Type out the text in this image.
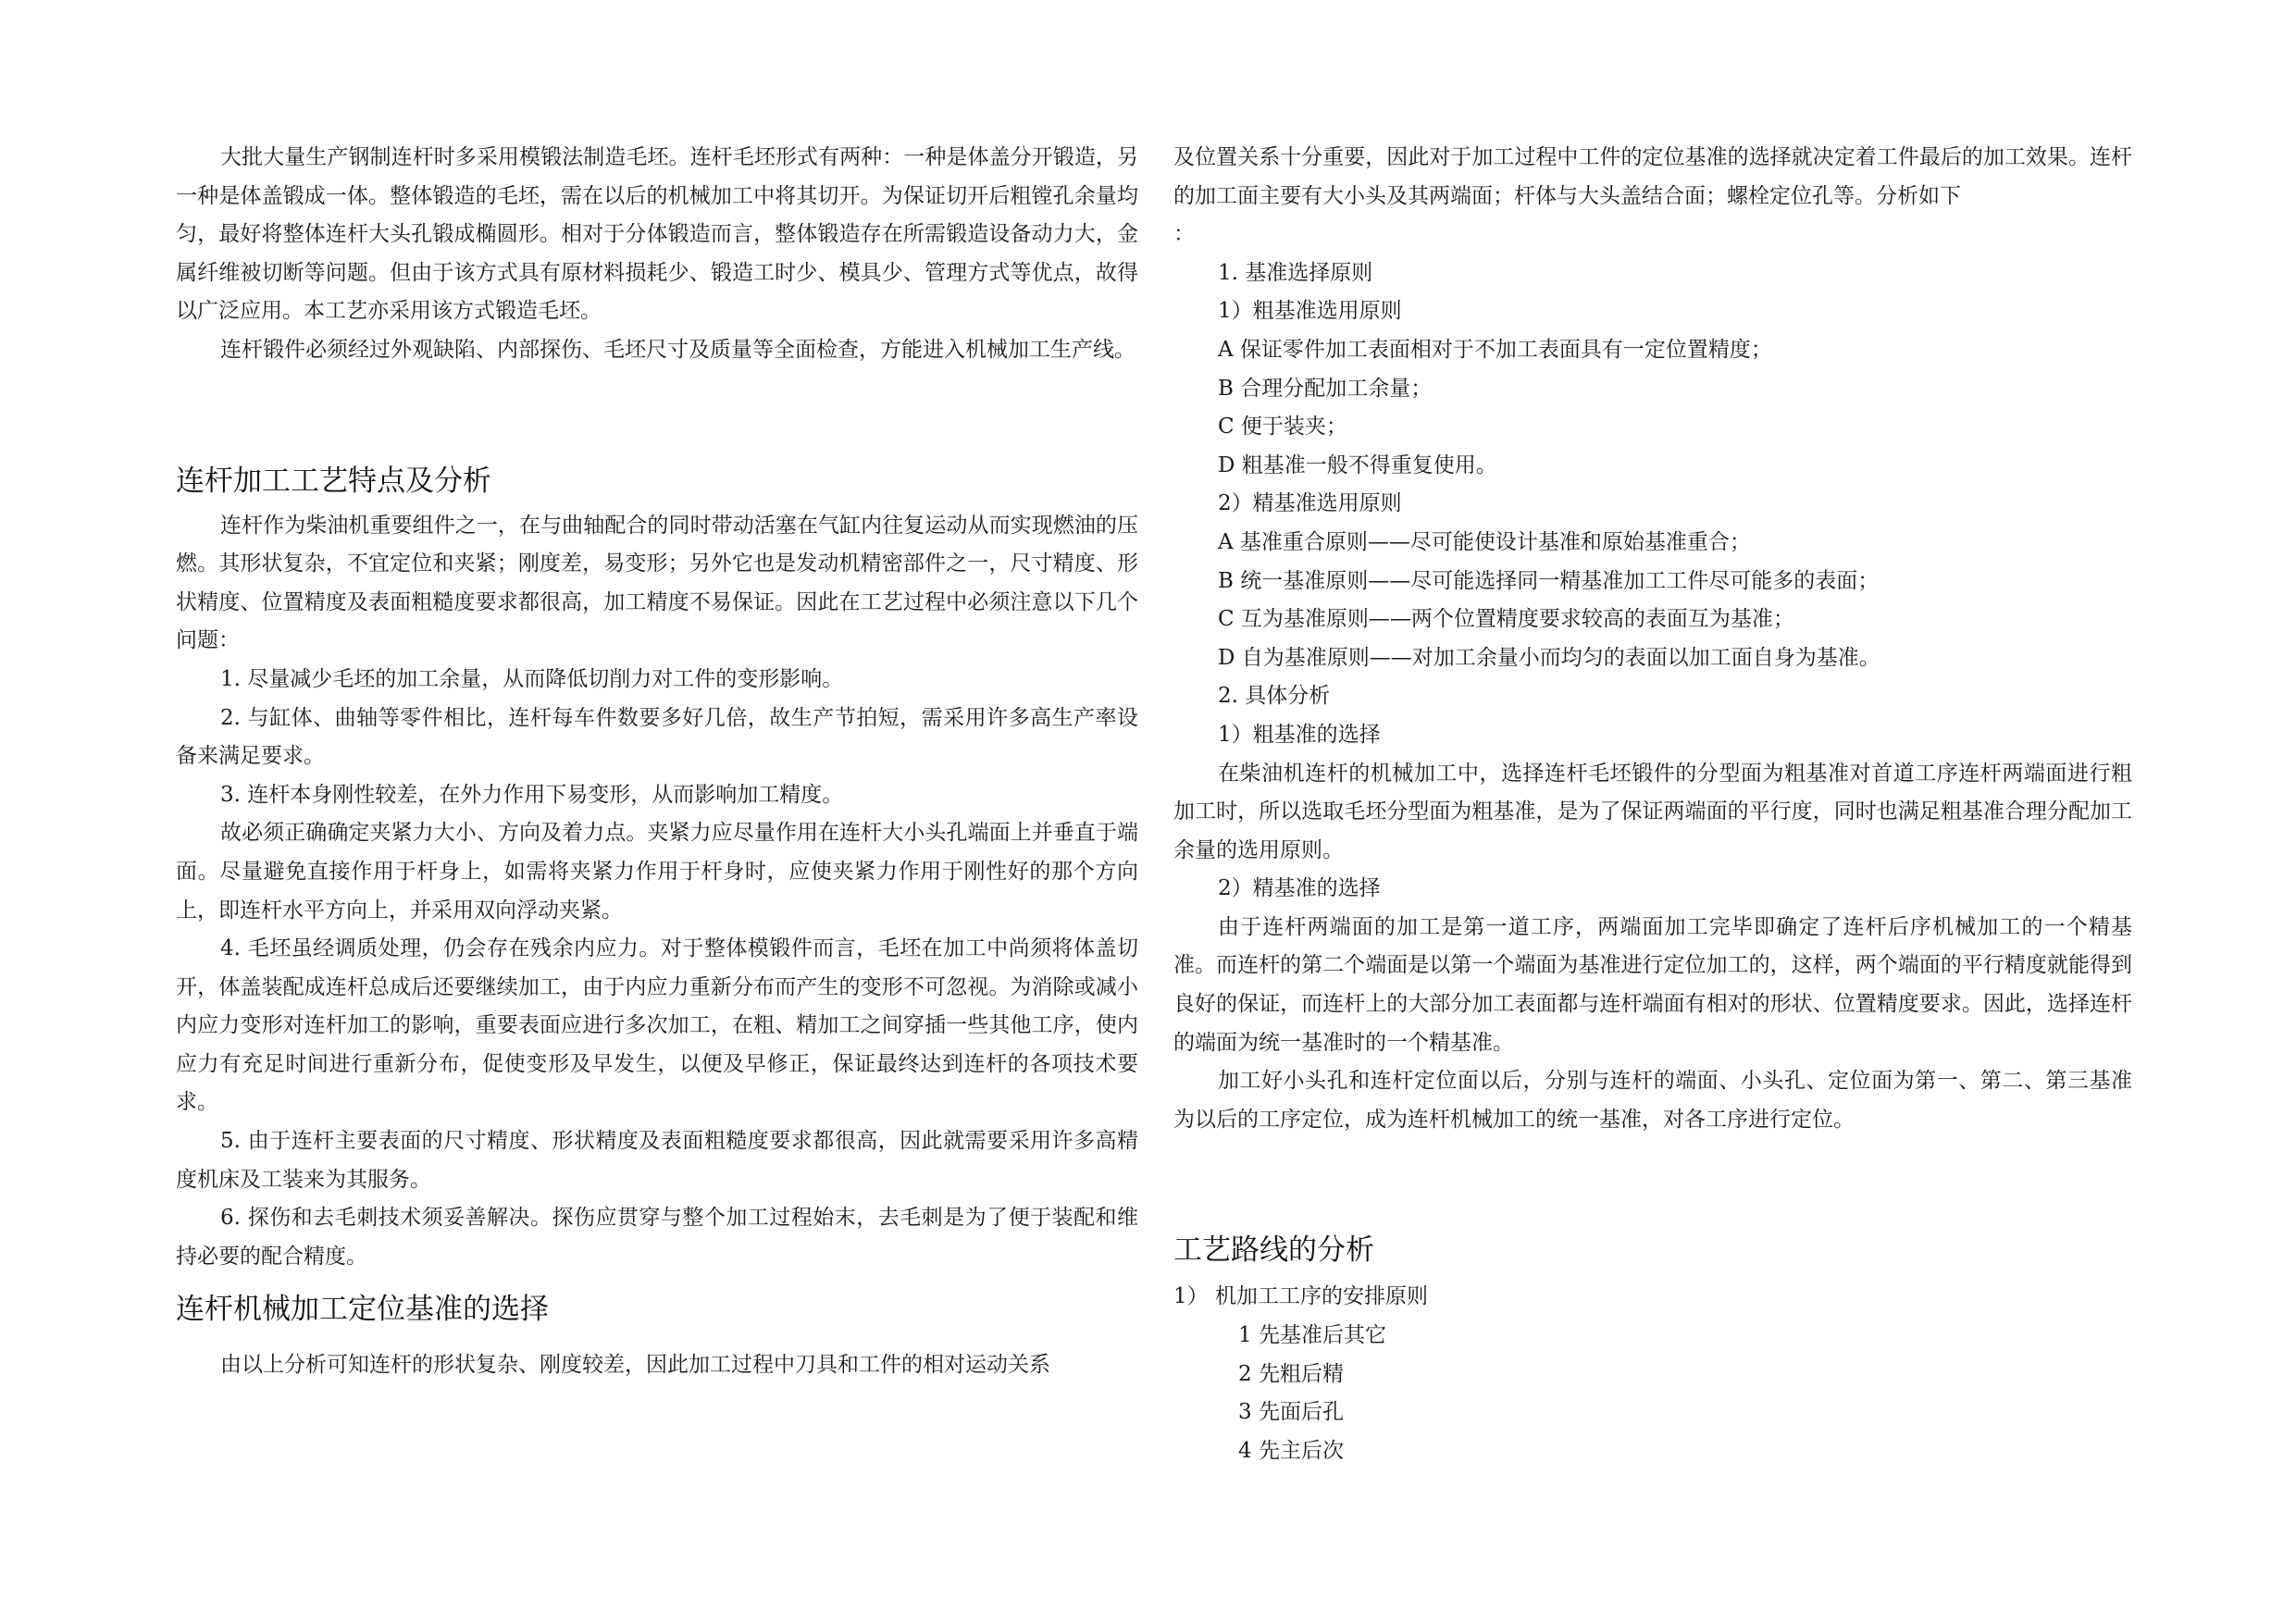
大批大量生产钢制连杆时多采用模锻法制造毛坯。连杆毛坯形式有两种：一种是体盖分开锻造，另一种是体盖锻成一体。整体锻造的毛坯，需在以后的机械加工中将其切开。为保证切开后粗镗孔余量均匀，最好将整体连杆大头孔锻成椭圆形。相对于分体锻造而言，整体锻造存在所需锻造设备动力大，金属纤维被切断等问题。但由于该方式具有原材料损耗少、锻造工时少、模具少、管理方式等优点，故得以广泛应用。本工艺亦采用该方式锻造毛坯。

连杆锻件必须经过外观缺陷、内部探伤、毛坯尺寸及质量等全面检查，方能进入机械加工生产线。

连杆加工工艺特点及分析

连杆作为柴油机重要组件之一，在与曲轴配合的同时带动活塞在气缸内往复运动从而实现燃油的压燃。其形状复杂，不宜定位和夹紧；刚度差，易变形；另外它也是发动机精密部件之一，尺寸精度、形状精度、位置精度及表面粗糙度要求都很高，加工精度不易保证。因此在工艺过程中必须注意以下几个问题：

1. 尽量减少毛坯的加工余量，从而降低切削力对工件的变形影响。

2. 与缸体、曲轴等零件相比，连杆每车件数要多好几倍，故生产节拍短，需采用许多高生产率设备来满足要求。

3. 连杆本身刚性较差，在外力作用下易变形，从而影响加工精度。

故必须正确确定夹紧力大小、方向及着力点。夹紧力应尽量作用在连杆大小头孔端面上并垂直于端面。尽量避免直接作用于杆身上，如需将夹紧力作用于杆身时，应使夹紧力作用于刚性好的那个方向上，即连杆水平方向上，并采用双向浮动夹紧。

4. 毛坯虽经调质处理，仍会存在残余内应力。对于整体模锻件而言，毛坯在加工中尚须将体盖切开，体盖装配成连杆总成后还要继续加工，由于内应力重新分布而产生的变形不可忽视。为消除或减小内应力变形对连杆加工的影响，重要表面应进行多次加工，在粗、精加工之间穿插一些其他工序，使内应力有充足时间进行重新分布，促使变形及早发生，以便及早修正，保证最终达到连杆的各项技术要求。

5. 由于连杆主要表面的尺寸精度、形状精度及表面粗糙度要求都很高，因此就需要采用许多高精度机床及工装来为其服务。

6. 探伤和去毛刺技术须妥善解决。探伤应贯穿与整个加工过程始末，去毛刺是为了便于装配和维持必要的配合精度。

连杆机械加工定位基准的选择

由以上分析可知连杆的形状复杂、刚度较差，因此加工过程中刀具和工件的相对运动关系

及位置关系十分重要，因此对于加工过程中工件的定位基准的选择就决定着工件最后的加工效果。连杆的加工面主要有大小头及其两端面；杆体与大头盖结合面；螺栓定位孔等。分析如下

：

1. 基准选择原则

1）粗基准选用原则

A 保证零件加工表面相对于不加工表面具有一定位置精度；

B 合理分配加工余量；

C 便于装夹；

D 粗基准一般不得重复使用。

2）精基准选用原则

A 基准重合原则——尽可能使设计基准和原始基准重合；

B 统一基准原则——尽可能选择同一精基准加工工件尽可能多的表面；

C 互为基准原则——两个位置精度要求较高的表面互为基准；

D 自为基准原则——对加工余量小而均匀的表面以加工面自身为基准。

2. 具体分析

1）粗基准的选择

在柴油机连杆的机械加工中，选择连杆毛坯锻件的分型面为粗基准对首道工序连杆两端面进行粗加工时，所以选取毛坯分型面为粗基准，是为了保证两端面的平行度，同时也满足粗基准合理分配加工余量的选用原则。

2）精基准的选择

由于连杆两端面的加工是第一道工序，两端面加工完毕即确定了连杆后序机械加工的一个精基准。而连杆的第二个端面是以第一个端面为基准进行定位加工的，这样，两个端面的平行精度就能得到良好的保证，而连杆上的大部分加工表面都与连杆端面有相对的形状、位置精度要求。因此，选择连杆的端面为统一基准时的一个精基准。

加工好小头孔和连杆定位面以后，分别与连杆的端面、小头孔、定位面为第一、第二、第三基准为以后的工序定位，成为连杆机械加工的统一基准，对各工序进行定位。

工艺路线的分析

1） 机加工工序的安排原则

1 先基准后其它

2 先粗后精

3 先面后孔

4 先主后次
